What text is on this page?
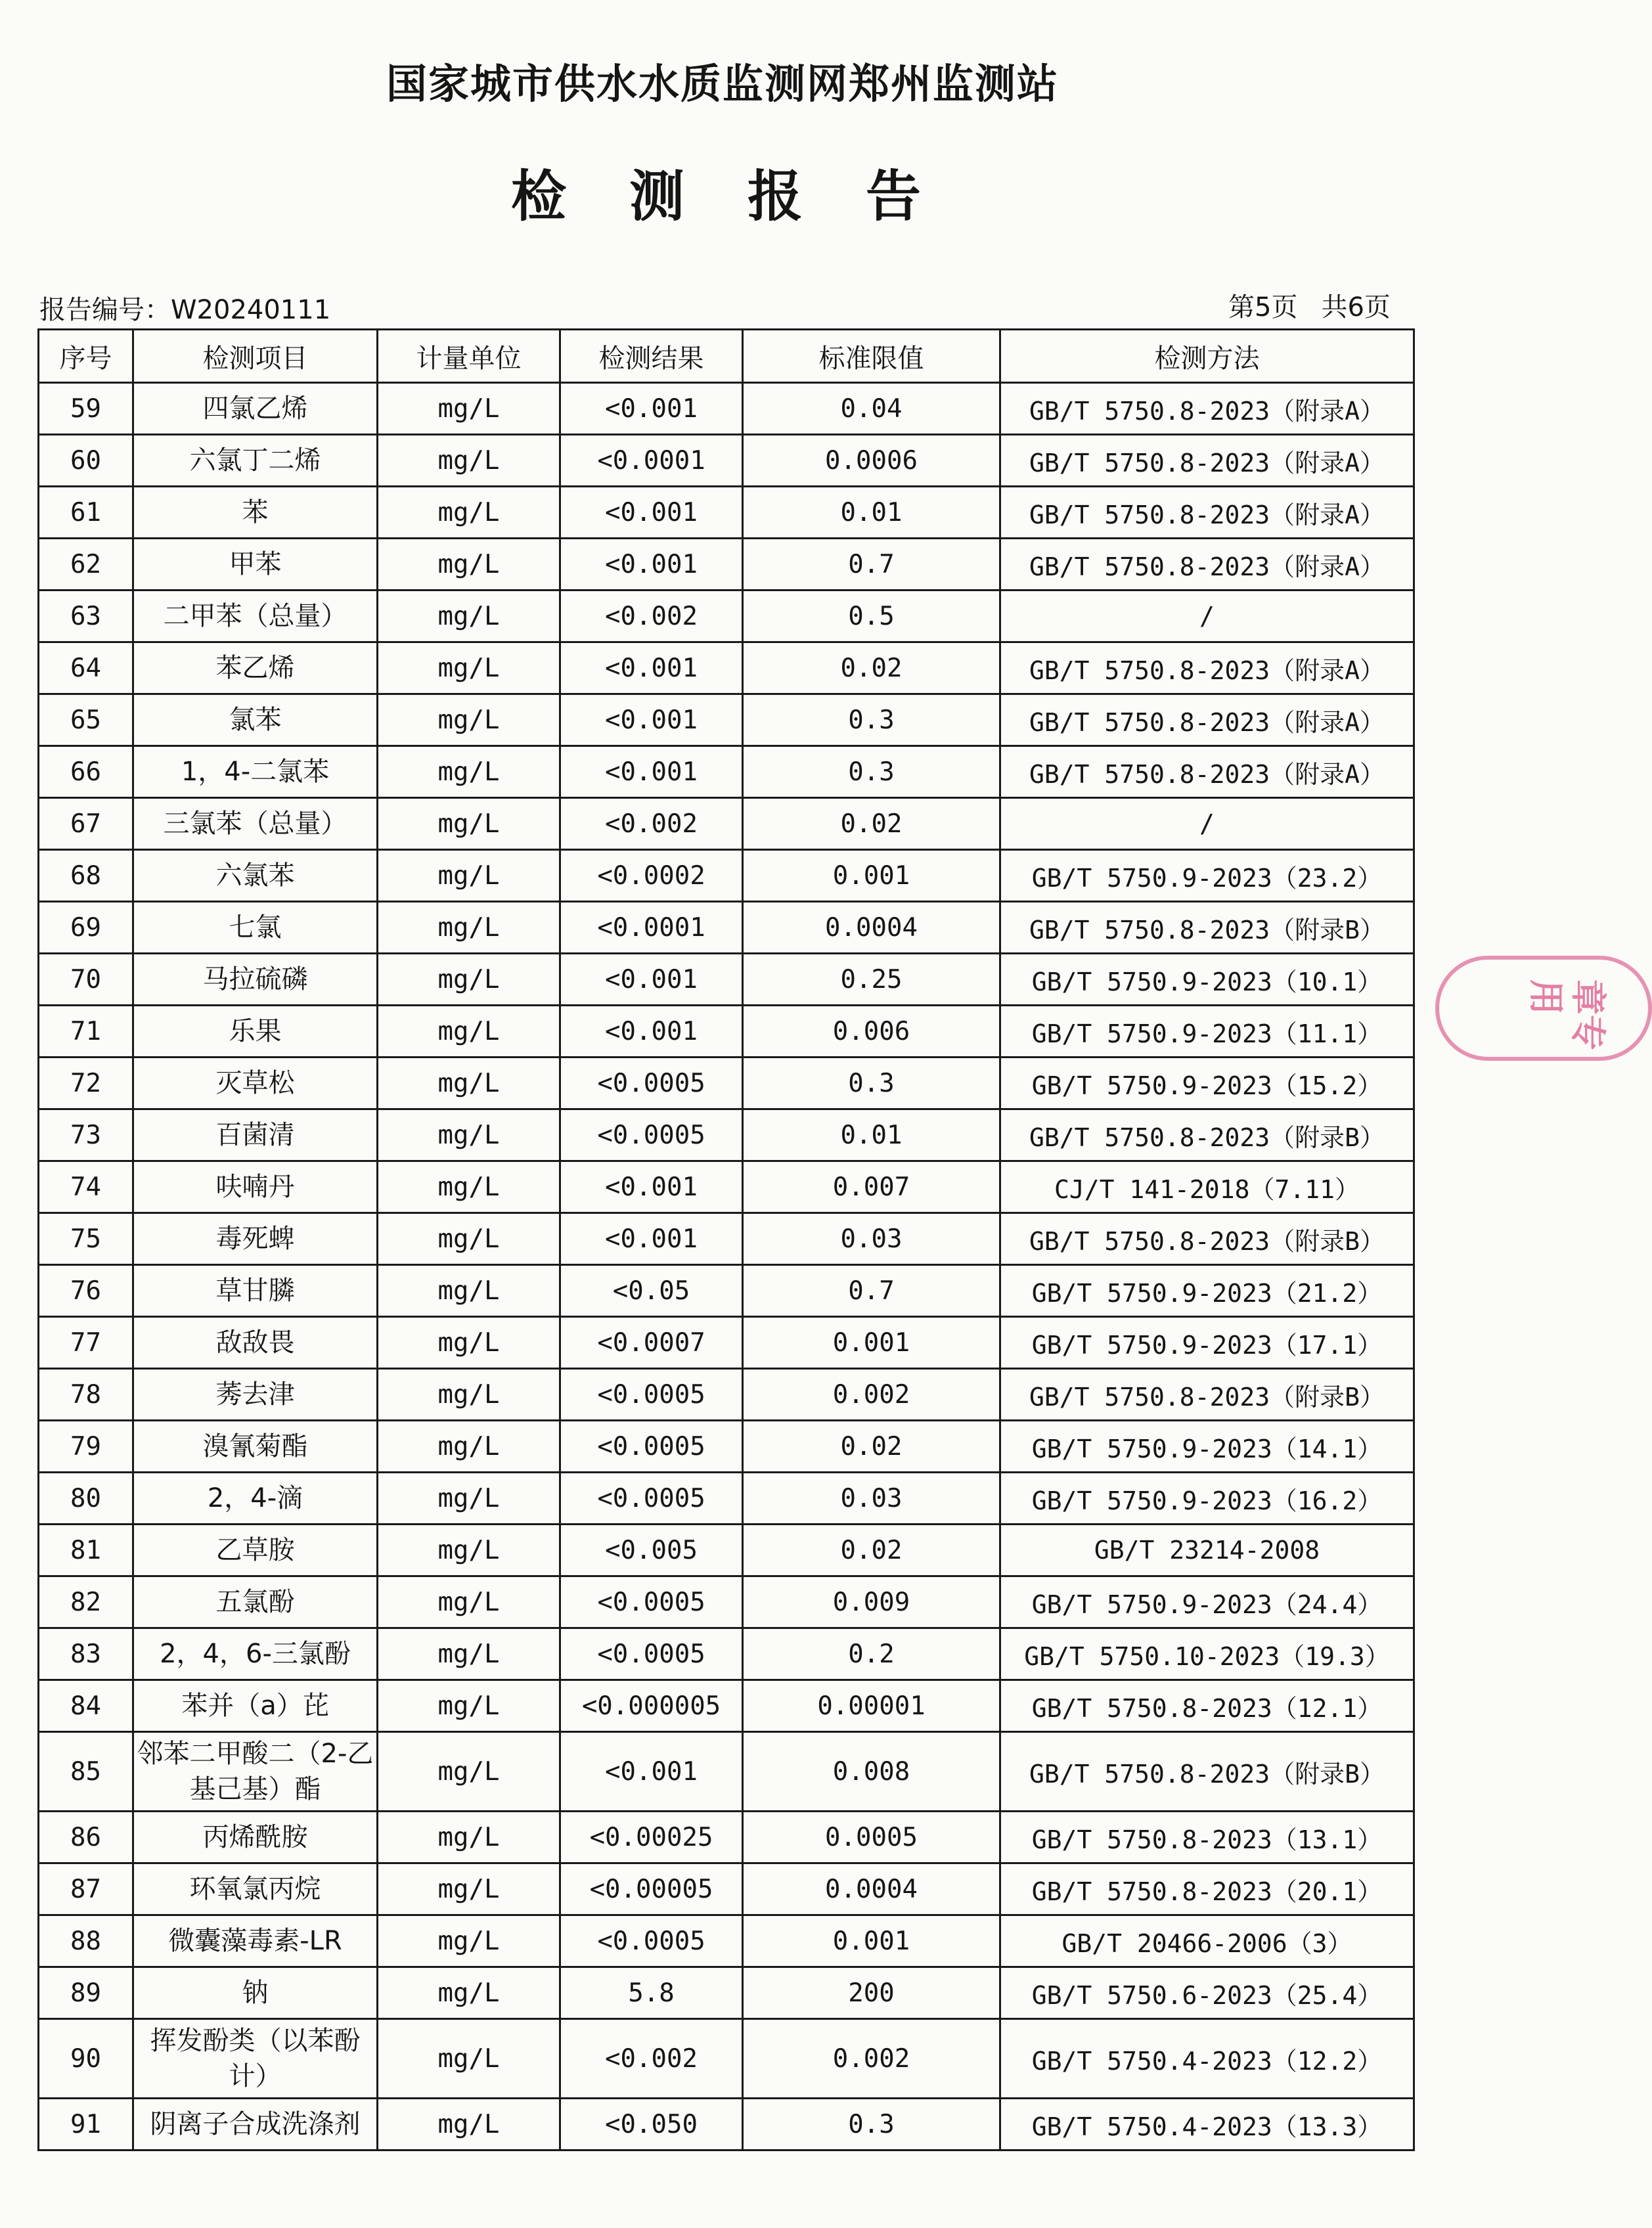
国家城市供水水质监测网郑州监测站
检 测 报 告
报告编号：W20240111	第5页 共6页
序号	检测项目	计量单位	检测结果	标准限值	检测方法
59	四氯乙烯	mg/L	<0.001	0.04	GB/T 5750.8-2023（附录A）
60	六氯丁二烯	mg/L	<0.0001	0.0006	GB/T 5750.8-2023（附录A）
61	苯	mg/L	<0.001	0.01	GB/T 5750.8-2023（附录A）
62	甲苯	mg/L	<0.001	0.7	GB/T 5750.8-2023（附录A）
63	二甲苯（总量）	mg/L	<0.002	0.5	/
64	苯乙烯	mg/L	<0.001	0.02	GB/T 5750.8-2023（附录A）
65	氯苯	mg/L	<0.001	0.3	GB/T 5750.8-2023（附录A）
66	1，4-二氯苯	mg/L	<0.001	0.3	GB/T 5750.8-2023（附录A）
67	三氯苯（总量）	mg/L	<0.002	0.02	/
68	六氯苯	mg/L	<0.0002	0.001	GB/T 5750.9-2023（23.2）
69	七氯	mg/L	<0.0001	0.0004	GB/T 5750.8-2023（附录B）
70	马拉硫磷	mg/L	<0.001	0.25	GB/T 5750.9-2023（10.1）
71	乐果	mg/L	<0.001	0.006	GB/T 5750.9-2023（11.1）
72	灭草松	mg/L	<0.0005	0.3	GB/T 5750.9-2023（15.2）
73	百菌清	mg/L	<0.0005	0.01	GB/T 5750.8-2023（附录B）
74	呋喃丹	mg/L	<0.001	0.007	CJ/T 141-2018（7.11）
75	毒死蜱	mg/L	<0.001	0.03	GB/T 5750.8-2023（附录B）
76	草甘膦	mg/L	<0.05	0.7	GB/T 5750.9-2023（21.2）
77	敌敌畏	mg/L	<0.0007	0.001	GB/T 5750.9-2023（17.1）
78	莠去津	mg/L	<0.0005	0.002	GB/T 5750.8-2023（附录B）
79	溴氰菊酯	mg/L	<0.0005	0.02	GB/T 5750.9-2023（14.1）
80	2，4-滴	mg/L	<0.0005	0.03	GB/T 5750.9-2023（16.2）
81	乙草胺	mg/L	<0.005	0.02	GB/T 23214-2008
82	五氯酚	mg/L	<0.0005	0.009	GB/T 5750.9-2023（24.4）
83	2，4，6-三氯酚	mg/L	<0.0005	0.2	GB/T 5750.10-2023（19.3）
84	苯并（a）芘	mg/L	<0.000005	0.00001	GB/T 5750.8-2023（12.1）
85	邻苯二甲酸二（2-乙基己基）酯	mg/L	<0.001	0.008	GB/T 5750.8-2023（附录B）
86	丙烯酰胺	mg/L	<0.00025	0.0005	GB/T 5750.8-2023（13.1）
87	环氧氯丙烷	mg/L	<0.00005	0.0004	GB/T 5750.8-2023（20.1）
88	微囊藻毒素-LR	mg/L	<0.0005	0.001	GB/T 20466-2006（3）
89	钠	mg/L	5.8	200	GB/T 5750.6-2023（25.4）
90	挥发酚类（以苯酚计）	mg/L	<0.002	0.002	GB/T 5750.4-2023（12.2）
91	阴离子合成洗涤剂	mg/L	<0.050	0.3	GB/T 5750.4-2023（13.3）
章专用
